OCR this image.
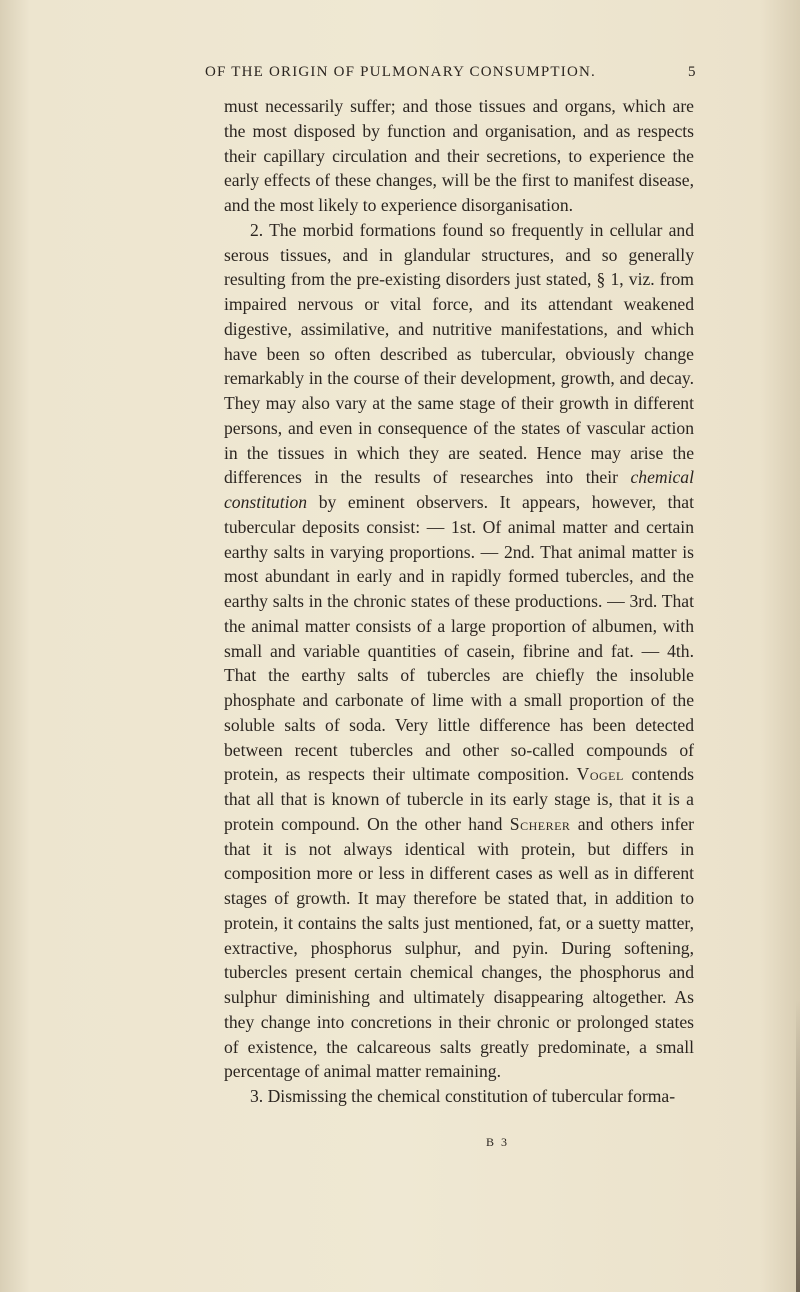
OF THE ORIGIN OF PULMONARY CONSUMPTION.	5

must necessarily suffer; and those tissues and organs, which are the most disposed by function and organisation, and as respects their capillary circulation and their secretions, to experience the early effects of these changes, will be the first to manifest disease, and the most likely to experience disorganisation.

2. The morbid formations found so frequently in cellular and serous tissues, and in glandular structures, and so generally resulting from the pre-existing disorders just stated, § 1, viz. from impaired nervous or vital force, and its attendant weakened digestive, assimilative, and nutritive manifestations, and which have been so often described as tubercular, obviously change remarkably in the course of their development, growth, and decay. They may also vary at the same stage of their growth in different persons, and even in consequence of the states of vascular action in the tissues in which they are seated. Hence may arise the differences in the results of researches into their chemical constitution by eminent observers. It appears, however, that tubercular deposits consist: — 1st. Of animal matter and certain earthy salts in varying proportions. — 2nd. That animal matter is most abundant in early and in rapidly formed tubercles, and the earthy salts in the chronic states of these productions. — 3rd. That the animal matter consists of a large proportion of albumen, with small and variable quantities of casein, fibrine and fat. — 4th. That the earthy salts of tubercles are chiefly the insoluble phosphate and carbonate of lime with a small proportion of the soluble salts of soda. Very little difference has been detected between recent tubercles and other so-called compounds of protein, as respects their ultimate composition. Vogel contends that all that is known of tubercle in its early stage is, that it is a protein compound. On the other hand Scherer and others infer that it is not always identical with protein, but differs in composition more or less in different cases as well as in different stages of growth. It may therefore be stated that, in addition to protein, it contains the salts just mentioned, fat, or a suetty matter, extractive, phosphorus sulphur, and pyin. During softening, tubercles present certain chemical changes, the phosphorus and sulphur diminishing and ultimately disappearing altogether. As they change into concretions in their chronic or prolonged states of existence, the calcareous salts greatly predominate, a small percentage of animal matter remaining.

3. Dismissing the chemical constitution of tubercular forma-

B 3
